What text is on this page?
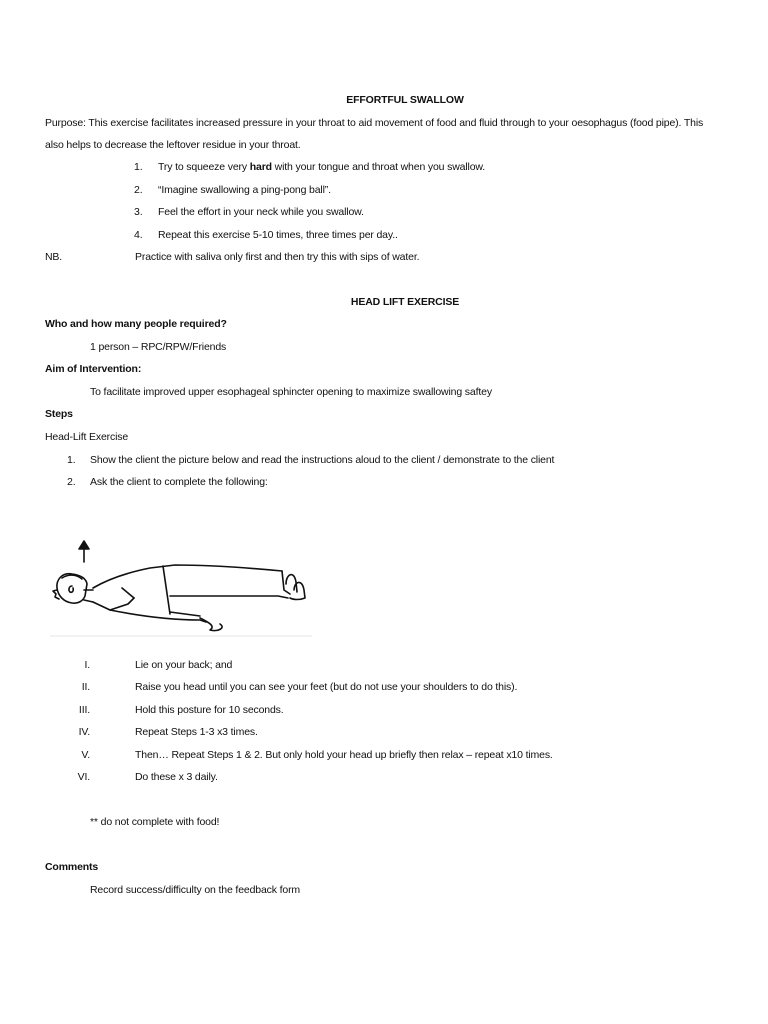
EFFORTFUL SWALLOW
Purpose: This exercise facilitates increased pressure in your throat to aid movement of food and fluid through to your oesophagus (food pipe). This
also helps to decrease the leftover residue in your throat.
1. Try to squeeze very hard with your tongue and throat when you swallow.
2. “Imagine swallowing a ping-pong ball”.
3. Feel the effort in your neck while you swallow.
4. Repeat this exercise 5-10 times, three times per day..
NB.	Practice with saliva only first and then try this with sips of water.
HEAD LIFT EXERCISE
Who and how many people required?
1 person – RPC/RPW/Friends
Aim of Intervention:
To facilitate improved upper esophageal sphincter opening to maximize swallowing saftey
Steps
Head-Lift Exercise
1. Show the client the picture below and read the instructions aloud to the client / demonstrate to the client
2. Ask the client to complete the following:
I.	Lie on your back; and
II.	Raise you head until you can see your feet (but do not use your shoulders to do this).
III.	Hold this posture for 10 seconds.
IV.	Repeat Steps 1-3 x3 times.
V.	Then… Repeat Steps 1 & 2. But only hold your head up briefly then relax – repeat x10 times.
VI.	Do these x 3 daily.
** do not complete with food!
Comments
Record success/difficulty on the feedback form
